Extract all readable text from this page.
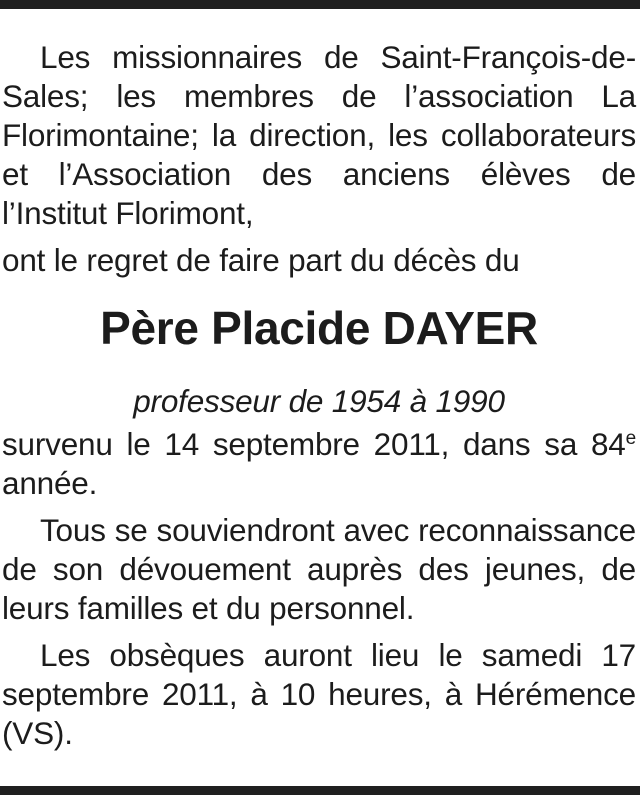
Les missionnaires de Saint-François-de-Sales; les membres de l’association La Florimontaine; la direction, les collaborateurs et l’Association des anciens élèves de l’Institut Florimont,

ont le regret de faire part du décès du

Père Placide DAYER

professeur de 1954 à 1990

survenu le 14 septembre 2011, dans sa 84e année.

Tous se souviendront avec reconnaissance de son dévouement auprès des jeunes, de leurs familles et du personnel.

Les obsèques auront lieu le samedi 17 septembre 2011, à 10 heures, à Hérémence (VS).
